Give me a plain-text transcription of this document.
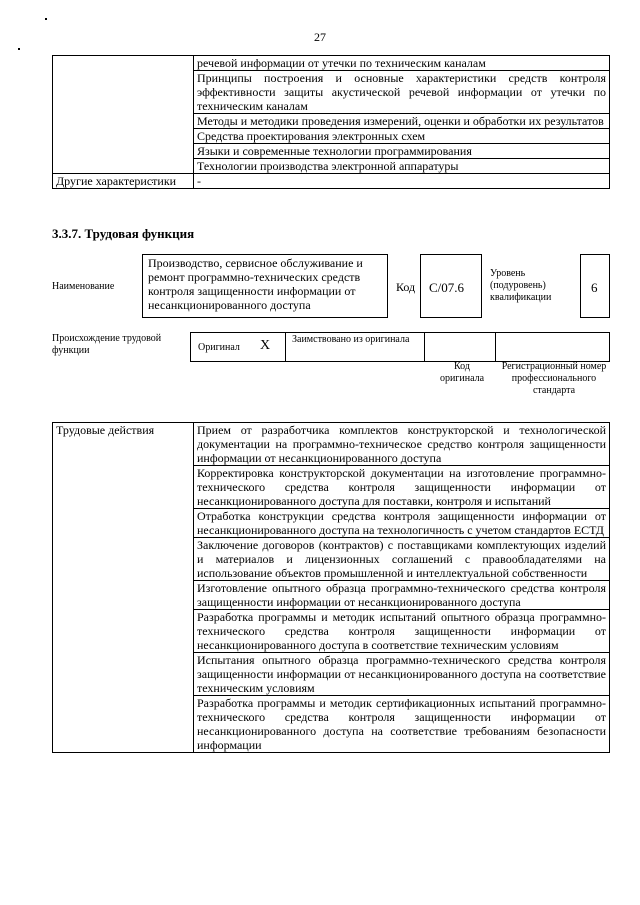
27
	речевой информации от утечки по техническим каналам
	Принципы построения и основные характеристики средств контроля эффективности защиты акустической речевой информации от утечки по техническим каналам
	Методы и методики проведения измерений, оценки и обработки их результатов
	Средства проектирования электронных схем
	Языки и современные технологии программирования
	Технологии производства электронной аппаратуры
Другие характеристики	-
3.3.7. Трудовая функция
Наименование
Производство, сервисное обслуживание и ремонт программно-технических средств контроля защищенности информации от несанкционированного доступа
Код C/07.6
Уровень (подуровень) квалификации
6
Происхождение трудовой функции	Оригинал X Заимствовано из оригинала
Код оригинала
Регистрационный номер профессионального стандарта
Трудовые действия	Прием от разработчика комплектов конструкторской и технологической документации на программно-техническое средство контроля защищенности информации от несанкционированного доступа
Корректировка конструкторской документации на изготовление программно-технического средства контроля защищенности информации от несанкционированного доступа для поставки, контроля и испытаний
Отработка конструкции средства контроля защищенности информации от несанкционированного доступа на технологичность с учетом стандартов ЕСТД
Заключение договоров (контрактов) с поставщиками комплектующих изделий и материалов и лицензионных соглашений с правообладателями на использование объектов промышленной и интеллектуальной собственности
Изготовление опытного образца программно-технического средства контроля защищенности информации от несанкционированного доступа
Разработка программы и методик испытаний опытного образца программно-технического средства контроля защищенности информации от несанкционированного доступа в соответствие техническим условиям
Испытания опытного образца программно-технического средства контроля защищенности информации от несанкционированного доступа на соответствие техническим условиям
Разработка программы и методик сертификационных испытаний программно-технического средства контроля защищенности информации от несанкционированного доступа на соответствие требованиям безопасности информации
